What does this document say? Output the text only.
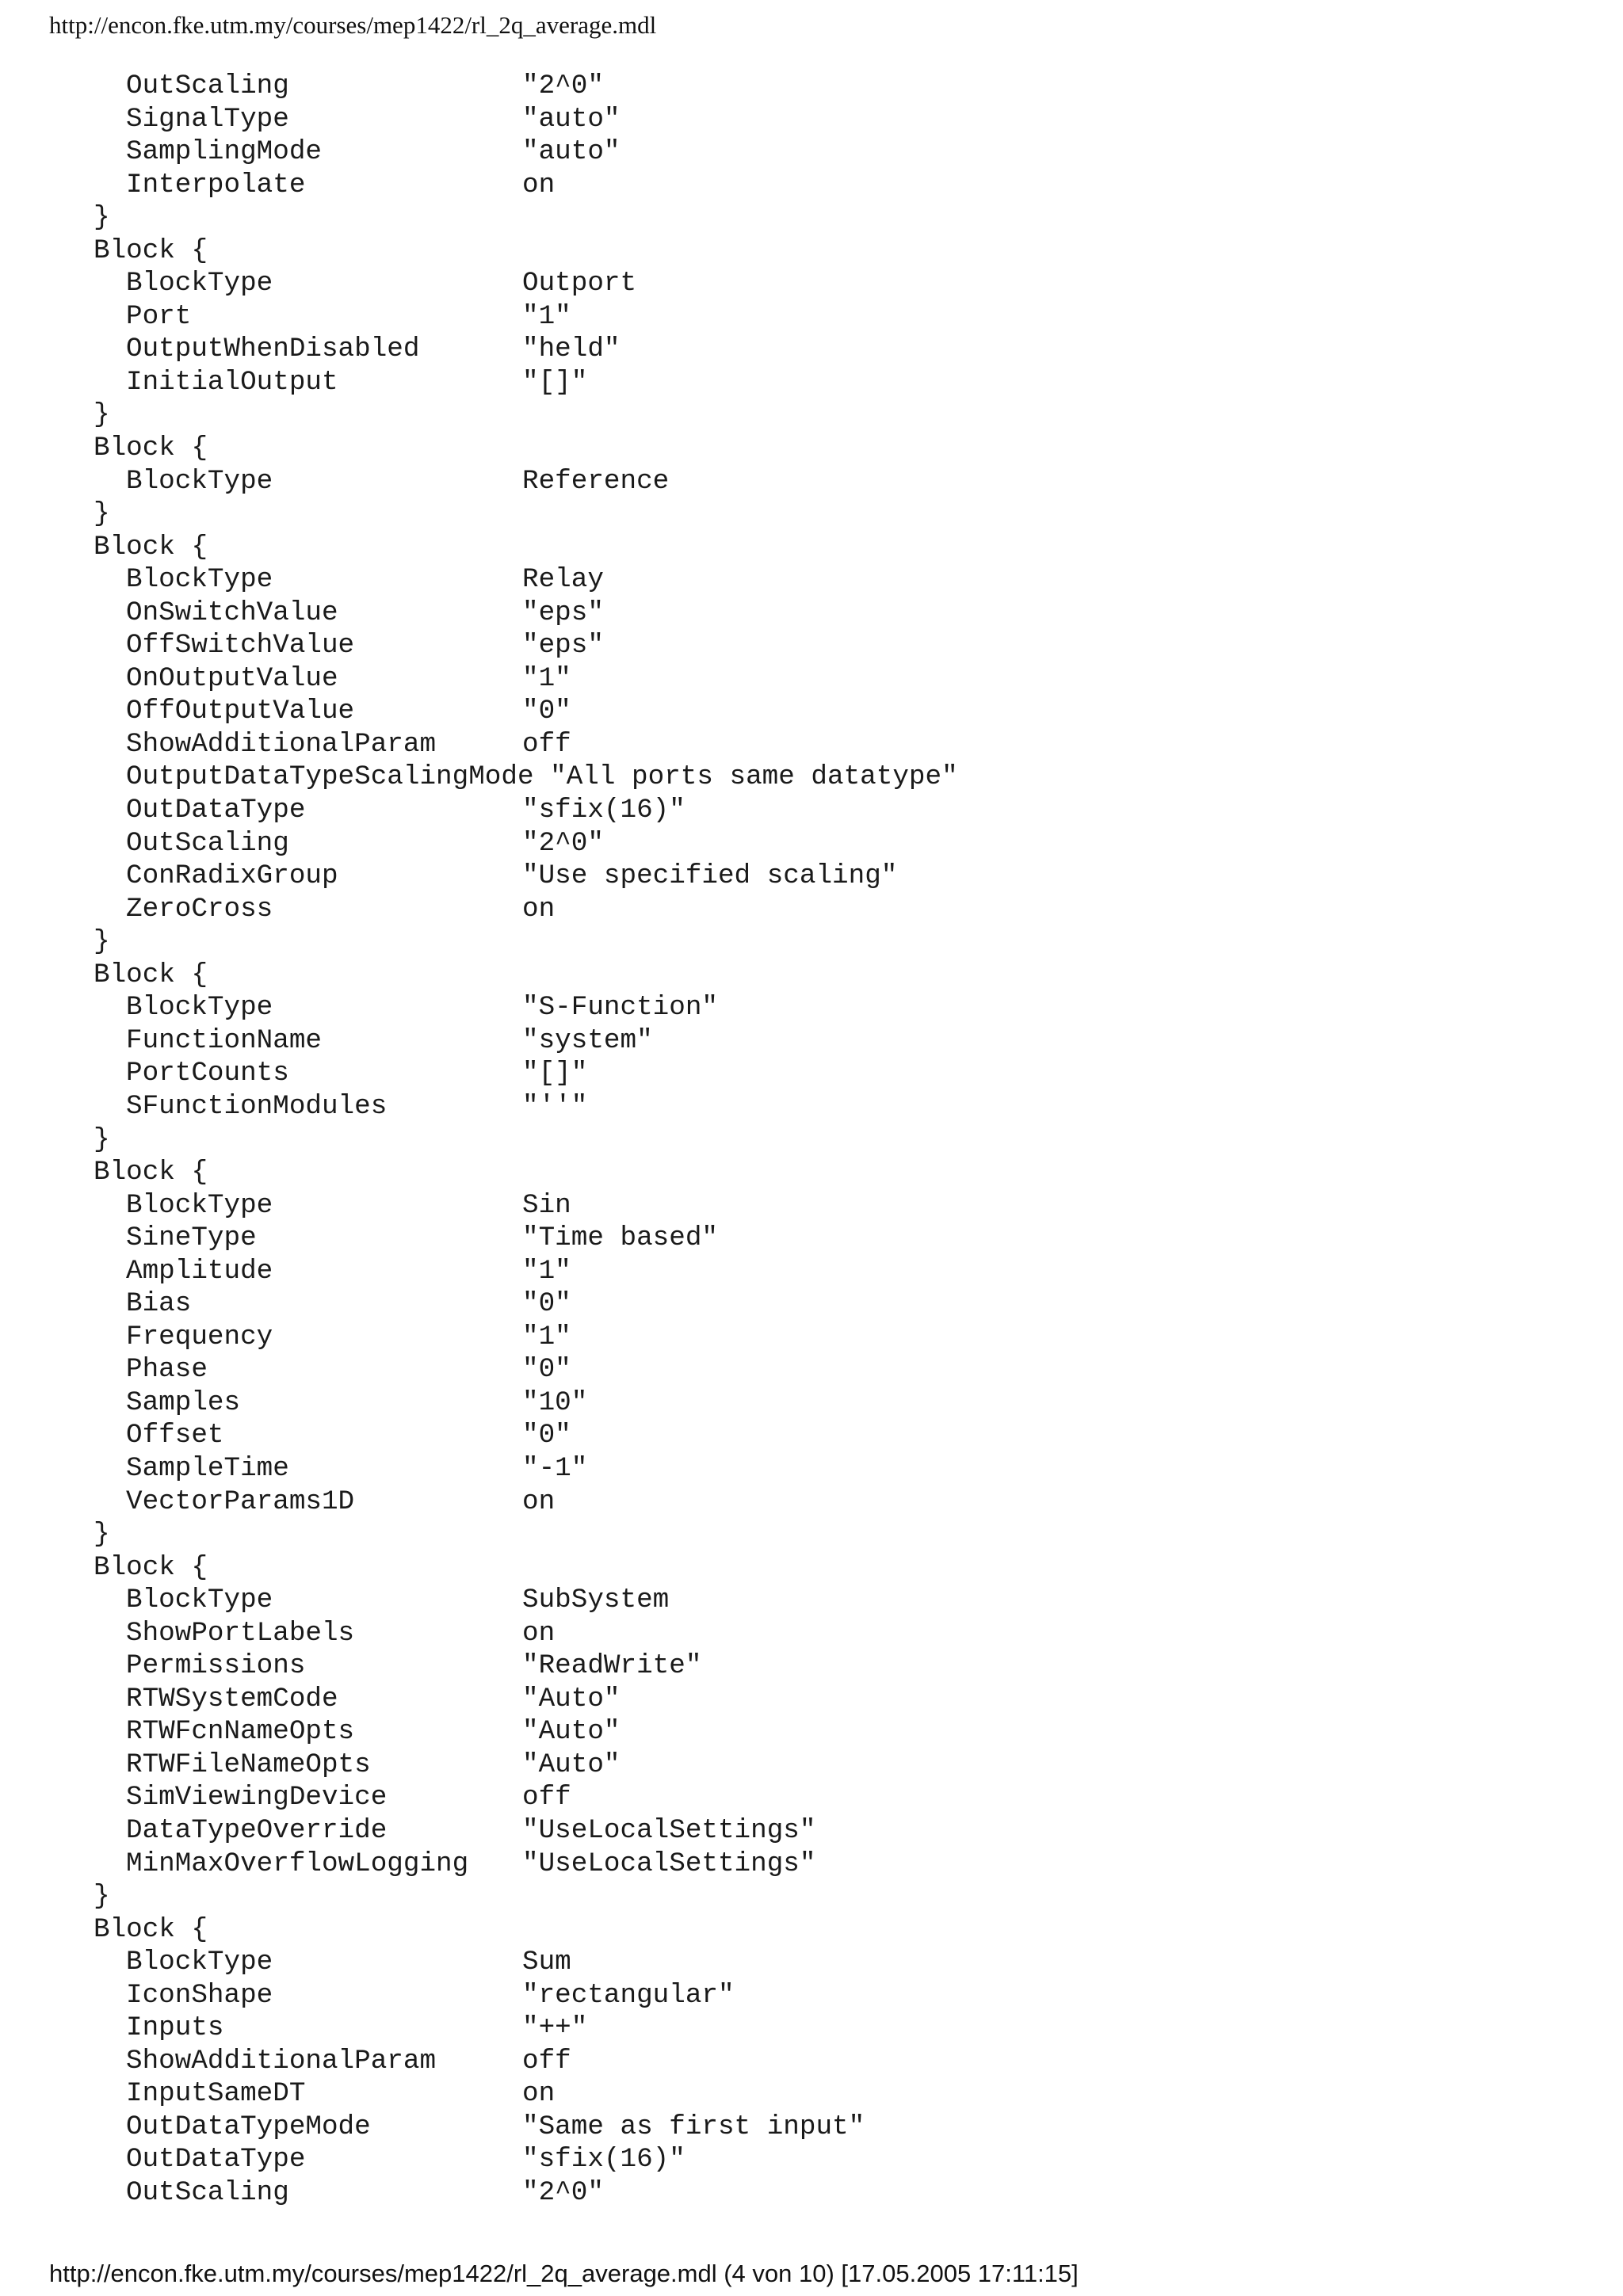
http://encon.fke.utm.my/courses/mep1422/rl_2q_average.mdl
OutScaling	"2^0"
SignalType	"auto"
SamplingMode	"auto"
Interpolate	on
}
Block {
BlockType	Outport
Port	"1"
OutputWhenDisabled	"held"
InitialOutput	"[]"
}
Block {
BlockType	Reference
}
Block {
BlockType	Relay
OnSwitchValue	"eps"
OffSwitchValue	"eps"
OnOutputValue	"1"
OffOutputValue	"0"
ShowAdditionalParam	off
OutputDataTypeScalingMode "All ports same datatype"
OutDataType	"sfix(16)"
OutScaling	"2^0"
ConRadixGroup	"Use specified scaling"
ZeroCross	on
}
Block {
BlockType	"S-Function"
FunctionName	"system"
PortCounts	"[]"
SFunctionModules	"''"
}
Block {
BlockType	Sin
SineType	"Time based"
Amplitude	"1"
Bias	"0"
Frequency	"1"
Phase	"0"
Samples	"10"
Offset	"0"
SampleTime	"-1"
VectorParams1D	on
}
Block {
BlockType	SubSystem
ShowPortLabels	on
Permissions	"ReadWrite"
RTWSystemCode	"Auto"
RTWFcnNameOpts	"Auto"
RTWFileNameOpts	"Auto"
SimViewingDevice	off
DataTypeOverride	"UseLocalSettings"
MinMaxOverflowLogging "UseLocalSettings"
}
Block {
BlockType	Sum
IconShape	"rectangular"
Inputs	"++"
ShowAdditionalParam	off
InputSameDT	on
OutDataTypeMode	"Same as first input"
OutDataType	"sfix(16)"
OutScaling	"2^0"
http://encon.fke.utm.my/courses/mep1422/rl_2q_average.mdl (4 von 10) [17.05.2005 17:11:15]
